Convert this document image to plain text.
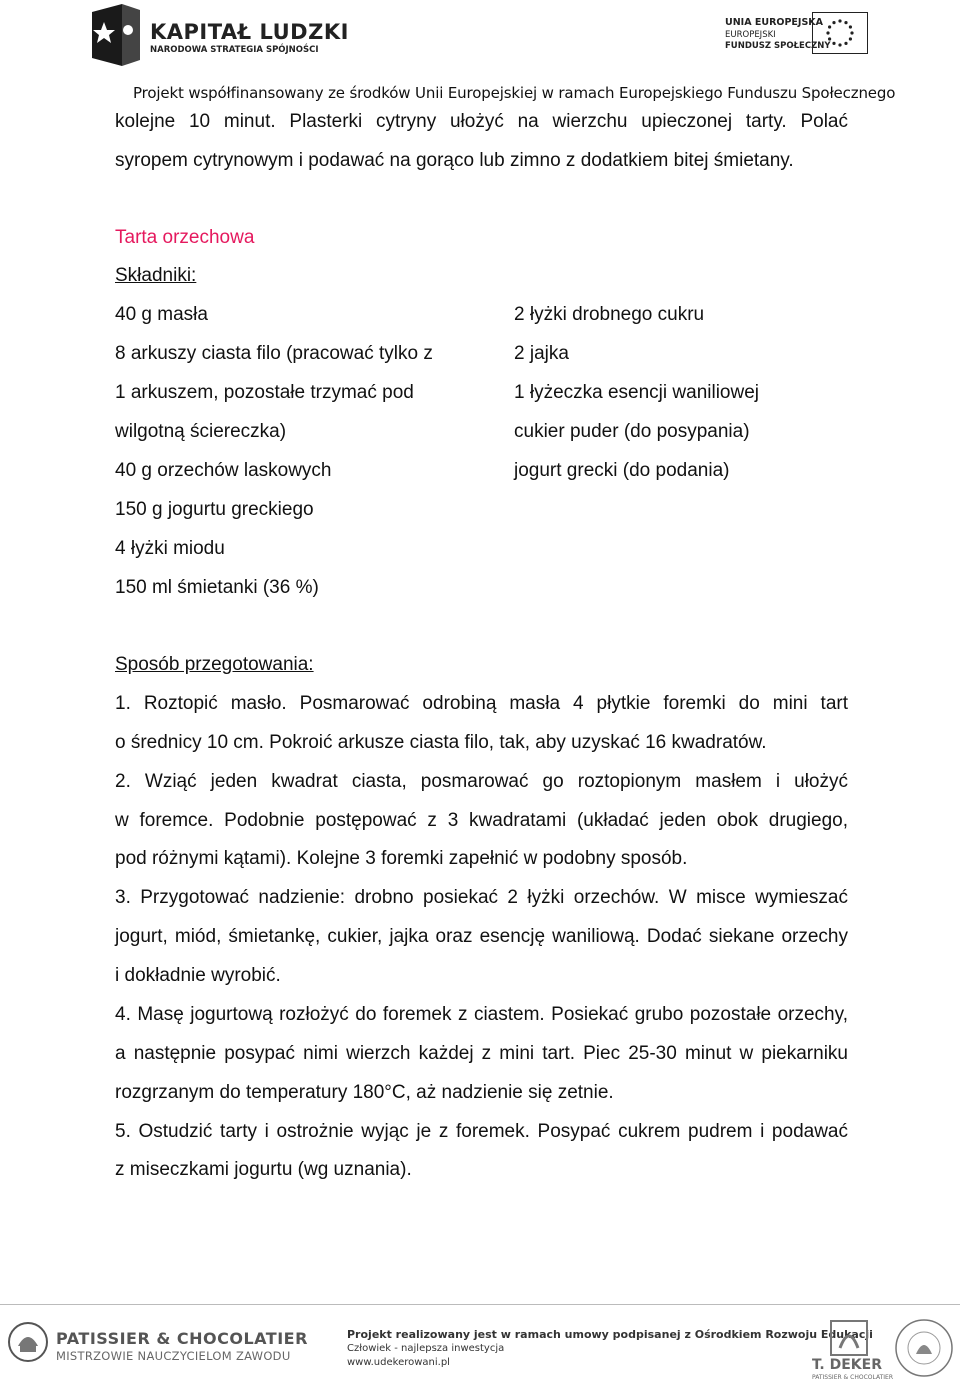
KAPITAŁ LUDZKI
NARODOWA STRATEGIA SPÓJNOŚCI
UNIA EUROPEJSKA
EUROPEJSKI
FUNDUSZ SPOŁECZNY
Projekt współfinansowany ze środków Unii Europejskiej w ramach Europejskiego Funduszu Społecznego
kolejne 10 minut. Plasterki cytryny ułożyć na wierzchu upieczonej tarty. Polać
syropem cytrynowym i podawać na gorąco lub zimno z dodatkiem bitej śmietany.
Tarta orzechowa
Składniki:
40 g masła
8 arkuszy ciasta filo (pracować tylko z
1 arkuszem, pozostałe trzymać pod
wilgotną ściereczka)
40 g orzechów laskowych
150 g jogurtu greckiego
4 łyżki miodu
150 ml śmietanki (36 %)
2 łyżki drobnego cukru
2 jajka
1 łyżeczka esencji waniliowej
cukier puder (do posypania)
jogurt grecki (do podania)
Sposób przegotowania:
1. Roztopić masło. Posmarować odrobiną masła 4 płytkie foremki do mini tart
o średnicy 10 cm. Pokroić arkusze ciasta filo, tak, aby uzyskać 16 kwadratów.
2. Wziąć jeden kwadrat ciasta, posmarować go roztopionym masłem i ułożyć
w foremce. Podobnie postępować z 3 kwadratami (układać jeden obok drugiego,
pod różnymi kątami). Kolejne 3 foremki zapełnić w podobny sposób.
3. Przygotować nadzienie: drobno posiekać 2 łyżki orzechów. W misce wymieszać
jogurt, miód, śmietankę, cukier, jajka oraz esencję waniliową. Dodać siekane orzechy
i dokładnie wyrobić.
4. Masę jogurtową rozłożyć do foremek z ciastem. Posiekać grubo pozostałe orzechy,
a następnie posypać nimi wierzch każdej z mini tart. Piec 25-30 minut w piekarniku
rozgrzanym do temperatury 180°C, aż nadzienie się zetnie.
5. Ostudzić tarty i ostrożnie wyjąc je z foremek. Posypać cukrem pudrem i podawać
z miseczkami jogurtu (wg uznania).
PATISSIER & CHOCOLATIER
MISTRZOWIE NAUCZYCIELOM ZAWODU
Projekt realizowany jest w ramach umowy podpisanej z Ośrodkiem Rozwoju Edukacji
Człowiek - najlepsza inwestycja
www.udekerowani.pl	T. DEKER
PATISSIER & CHOCOLATIER
